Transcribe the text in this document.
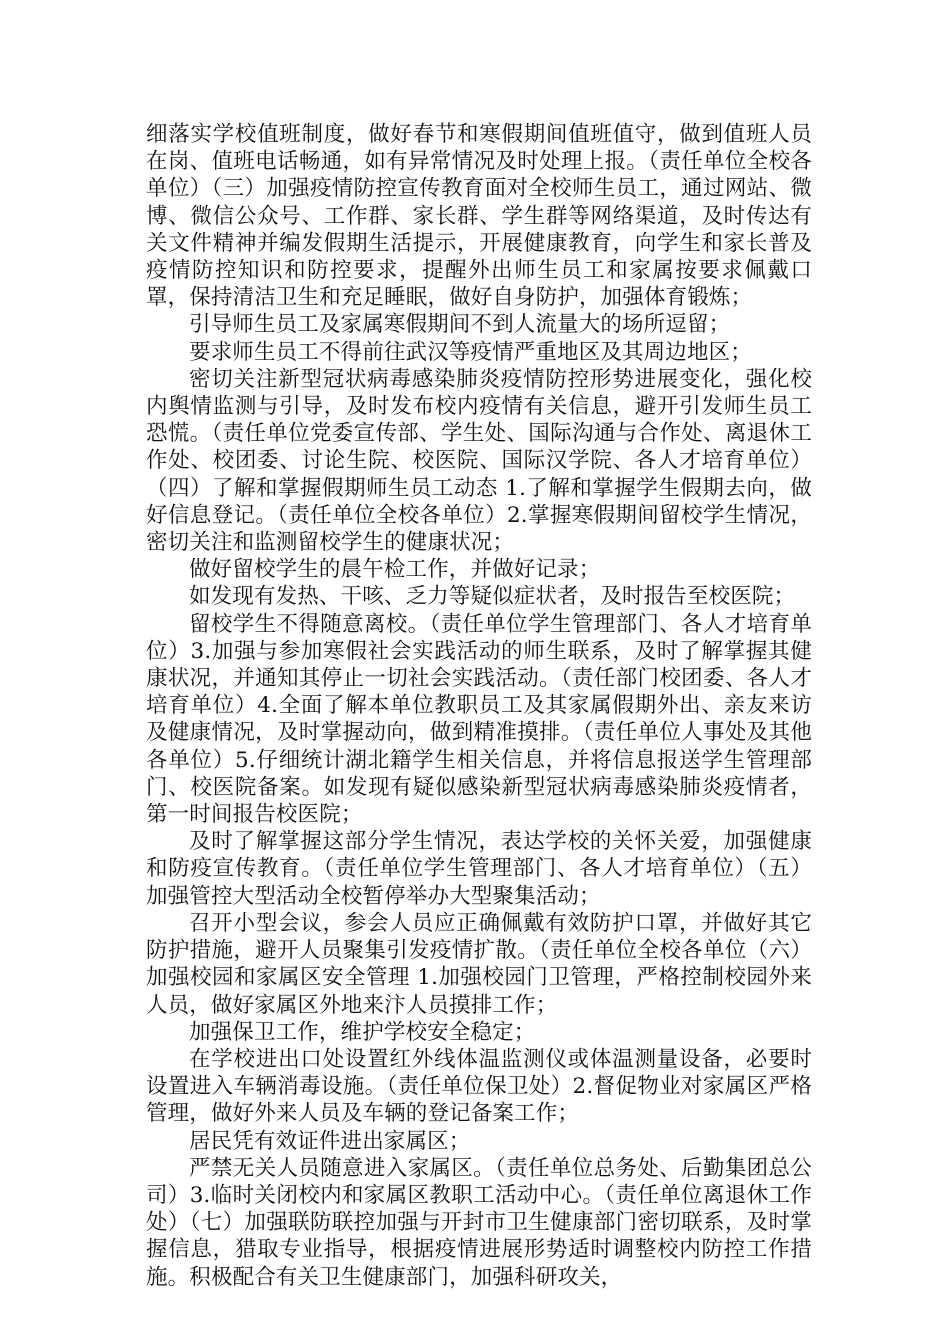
细落实学校值班制度，做好春节和寒假期间值班值守，做到值班人员在岗、值班电话畅通，如有异常情况及时处理上报。（责任单位全校各单位）（三）加强疫情防控宣传教育面对全校师生员工，通过网站、微博、微信公众号、工作群、家长群、学生群等网络渠道，及时传达有关文件精神并编发假期生活提示，开展健康教育，向学生和家长普及疫情防控知识和防控要求，提醒外出师生员工和家属按要求佩戴口罩，保持清洁卫生和充足睡眠，做好自身防护，加强体育锻炼；

引导师生员工及家属寒假期间不到人流量大的场所逗留；

要求师生员工不得前往武汉等疫情严重地区及其周边地区；

密切关注新型冠状病毒感染肺炎疫情防控形势进展变化，强化校内舆情监测与引导，及时发布校内疫情有关信息，避开引发师生员工恐慌。（责任单位党委宣传部、学生处、国际沟通与合作处、离退休工作处、校团委、讨论生院、校医院、国际汉学院、各人才培育单位）（四）了解和掌握假期师生员工动态 1.了解和掌握学生假期去向，做好信息登记。（责任单位全校各单位）2.掌握寒假期间留校学生情况，密切关注和监测留校学生的健康状况；

做好留校学生的晨午检工作，并做好记录；

如发现有发热、干咳、乏力等疑似症状者，及时报告至校医院；

留校学生不得随意离校。（责任单位学生管理部门、各人才培育单位）3.加强与参加寒假社会实践活动的师生联系，及时了解掌握其健康状况，并通知其停止一切社会实践活动。（责任部门校团委、各人才培育单位）4.全面了解本单位教职员工及其家属假期外出、亲友来访及健康情况，及时掌握动向，做到精准摸排。（责任单位人事处及其他各单位）5.仔细统计湖北籍学生相关信息，并将信息报送学生管理部门、校医院备案。如发现有疑似感染新型冠状病毒感染肺炎疫情者，第一时间报告校医院；

及时了解掌握这部分学生情况，表达学校的关怀关爱，加强健康和防疫宣传教育。（责任单位学生管理部门、各人才培育单位）（五）加强管控大型活动全校暂停举办大型聚集活动；

召开小型会议，参会人员应正确佩戴有效防护口罩，并做好其它防护措施，避开人员聚集引发疫情扩散。（责任单位全校各单位（六）加强校园和家属区安全管理 1.加强校园门卫管理，严格控制校园外来人员，做好家属区外地来汴人员摸排工作；

加强保卫工作，维护学校安全稳定；

在学校进出口处设置红外线体温监测仪或体温测量设备，必要时设置进入车辆消毒设施。（责任单位保卫处）2.督促物业对家属区严格管理，做好外来人员及车辆的登记备案工作；

居民凭有效证件进出家属区；

严禁无关人员随意进入家属区。（责任单位总务处、后勤集团总公司）3.临时关闭校内和家属区教职工活动中心。（责任单位离退休工作处）（七）加强联防联控加强与开封市卫生健康部门密切联系，及时掌握信息，猎取专业指导，根据疫情进展形势适时调整校内防控工作措施。积极配合有关卫生健康部门，加强科研攻关，
